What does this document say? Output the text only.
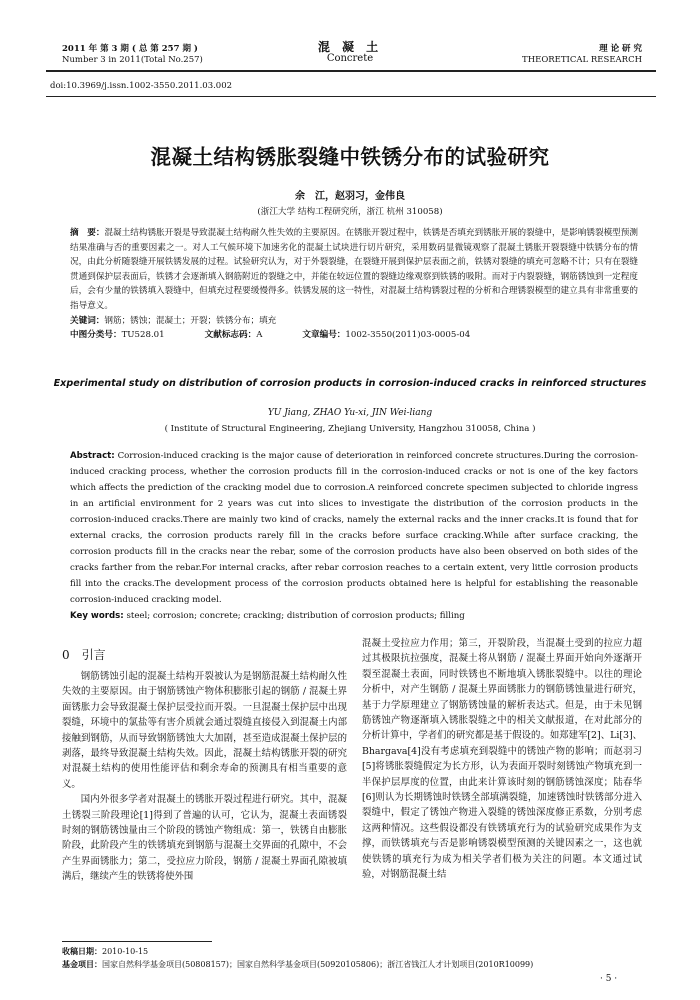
2011 年 第 3 期 ( 总 第 257 期 )
Number 3 in 2011(Total No.257)
混 凝 土
Concrete
理 论 研 究
THEORETICAL RESEARCH
doi:10.3969/j.issn.1002-3550.2011.03.002
混凝土结构锈胀裂缝中铁锈分布的试验研究
余　江，赵羽习，金伟良
(浙江大学 结构工程研究所，浙江 杭州 310058)
摘　要：混凝土结构锈胀开裂是导致混凝土结构耐久性失效的主要原因。在锈胀开裂过程中，铁锈是否填充到锈胀开展的裂缝中，是影响锈裂模型预测结果准确与否的重要因素之一。对人工气候环境下加速劣化的混凝土试块进行切片研究，采用数码显微镜观察了混凝土锈胀开裂裂缝中铁锈分布的情况，由此分析随裂缝开展铁锈发展的过程。试验研究认为，对于外裂裂缝，在裂缝开展到保护层表面之前，铁锈对裂缝的填充可忽略不计；只有在裂缝贯通到保护层表面后，铁锈才会逐渐填入钢筋附近的裂缝之中，并能在较远位置的裂缝边缘观察到铁锈的吸附。而对于内裂裂缝，钢筋锈蚀到一定程度后，会有少量的铁锈填入裂缝中，但填充过程要缓慢得多。铁锈发展的这一特性，对混凝土结构锈裂过程的分析和合理锈裂模型的建立具有非常重要的指导意义。
关键词：钢筋；锈蚀；混凝土；开裂；铁锈分布；填充
中图分类号：TU528.01	文献标志码：A	文章编号：1002-3550(2011)03-0005-04
Experimental study on distribution of corrosion products in corrosion-induced cracks in reinforced structures
YU Jiang, ZHAO Yu-xi, JIN Wei-liang
( Institute of Structural Engineering, Zhejiang University, Hangzhou 310058, China )
Abstract: Corrosion-induced cracking is the major cause of deterioration in reinforced concrete structures.During the corrosion-induced cracking process, whether the corrosion products fill in the corrosion-induced cracks or not is one of the key factors which affects the prediction of the cracking model due to corrosion.A reinforced concrete specimen subjected to chloride ingress in an artificial environment for 2 years was cut into slices to investigate the distribution of the corrosion products in the corrosion-induced cracks.There are mainly two kind of cracks, namely the external racks and the inner cracks.It is found that for external cracks, the corrosion products rarely fill in the cracks before surface cracking.While after surface cracking, the corrosion products fill in the cracks near the rebar, some of the corrosion products have also been observed on both sides of the cracks farther from the rebar.For internal cracks, after rebar corrosion reaches to a certain extent, very little corrosion products fill into the cracks.The development process of the corrosion products obtained here is helpful for establishing the reasonable corrosion-induced cracking model.
Key words: steel; corrosion; concrete; cracking; distribution of corrosion products; filling
0　引言

钢筋锈蚀引起的混凝土结构开裂被认为是钢筋混凝土结构耐久性失效的主要原因。由于钢筋锈蚀产物体积膨胀引起的钢筋 / 混凝土界面锈胀力会导致混凝土保护层受拉而开裂。一旦混凝土保护层中出现裂缝，环境中的氯盐等有害介质就会通过裂缝直接侵入到混凝土内部接触到钢筋，从而导致钢筋锈蚀大大加剧，甚至造成混凝土保护层的剥落，最终导致混凝土结构失效。因此，混凝土结构锈胀开裂的研究对混凝土结构的使用性能评估和剩余寿命的预测具有相当重要的意义。

国内外很多学者对混凝土的锈胀开裂过程进行研究。其中，混凝土锈裂三阶段理论[1]得到了普遍的认可，它认为，混凝土表面锈裂时刻的钢筋锈蚀量由三个阶段的锈蚀产物组成：第一，铁锈自由膨胀阶段，此阶段产生的铁锈填充到钢筋与混凝土交界面的孔隙中，不会产生界面锈胀力；第二，受拉应力阶段，钢筋 / 混凝土界面孔隙被填满后，继续产生的铁锈将使外围

混凝土受拉应力作用；第三，开裂阶段，当混凝土受到的拉应力超过其极限抗拉强度，混凝土将从钢筋 / 混凝土界面开始向外逐渐开裂至混凝土表面，同时铁锈也不断地填入锈胀裂缝中。以往的理论分析中，对产生钢筋 / 混凝土界面锈胀力的钢筋锈蚀量进行研究，基于力学原理建立了钢筋锈蚀量的解析表达式。但是，由于未见钢筋锈蚀产物逐渐填入锈胀裂缝之中的相关文献报道，在对此部分的分析计算中，学者们的研究都是基于假设的。如郑建军[2]、Li[3]、Bhargava[4]没有考虑填充到裂缝中的锈蚀产物的影响；而赵羽习[5]将锈胀裂缝假定为长方形，认为表面开裂时刻锈蚀产物填充到一半保护层厚度的位置，由此来计算该时刻的钢筋锈蚀深度；陆春华[6]则认为长期锈蚀时铁锈全部填满裂缝，加速锈蚀时铁锈部分进入裂缝中，假定了锈蚀产物进入裂缝的锈蚀深度修正系数，分别考虑这两种情况。这些假设都没有铁锈填充行为的试验研究成果作为支撑，而铁锈填充与否是影响锈裂模型预测的关键因素之一，这也就使铁锈的填充行为成为相关学者们极为关注的问题。本文通过试验，对钢筋混凝土结

收稿日期：2010-10-15
基金项目：国家自然科学基金项目(50808157)；国家自然科学基金项目(50920105806)；浙江省钱江人才计划项目(2010R10099)
· 5 ·
